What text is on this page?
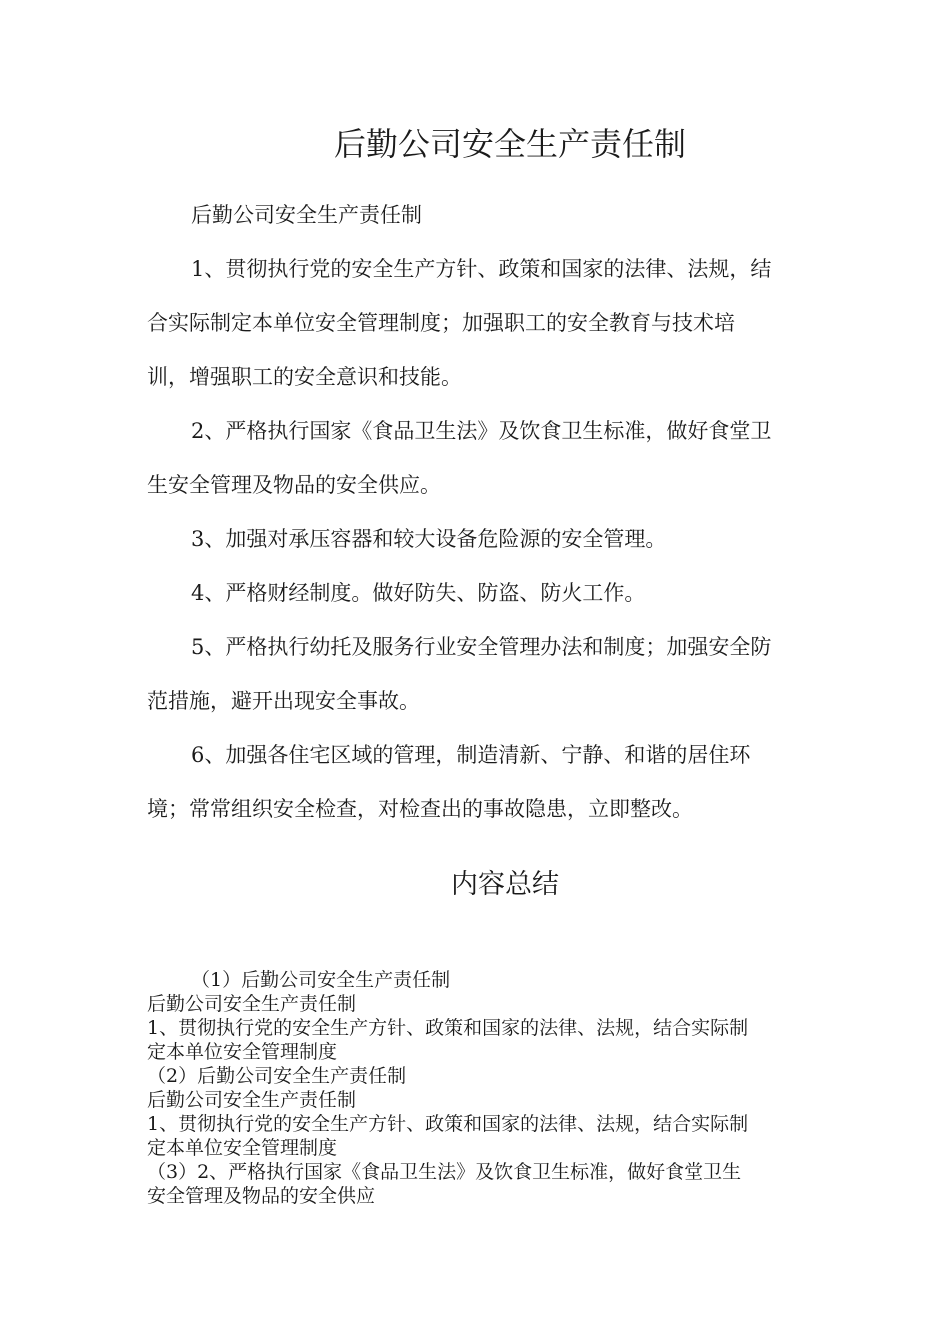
后勤公司安全生产责任制

后勤公司安全生产责任制

1、贯彻执行党的安全生产方针、政策和国家的法律、法规，结

合实际制定本单位安全管理制度；加强职工的安全教育与技术培

训，增强职工的安全意识和技能。

2、严格执行国家《食品卫生法》及饮食卫生标准，做好食堂卫

生安全管理及物品的安全供应。

3、加强对承压容器和较大设备危险源的安全管理。

4、严格财经制度。做好防失、防盗、防火工作。

5、严格执行幼托及服务行业安全管理办法和制度；加强安全防

范措施，避开出现安全事故。

6、加强各住宅区域的管理，制造清新、宁静、和谐的居住环

境；常常组织安全检查，对检查出的事故隐患，立即整改。

内容总结
（1）后勤公司安全生产责任制
后勤公司安全生产责任制
1、贯彻执行党的安全生产方针、政策和国家的法律、法规，结合实际制
定本单位安全管理制度
（2）后勤公司安全生产责任制
后勤公司安全生产责任制
1、贯彻执行党的安全生产方针、政策和国家的法律、法规，结合实际制
定本单位安全管理制度
（3）2、严格执行国家《食品卫生法》及饮食卫生标准，做好食堂卫生
安全管理及物品的安全供应
